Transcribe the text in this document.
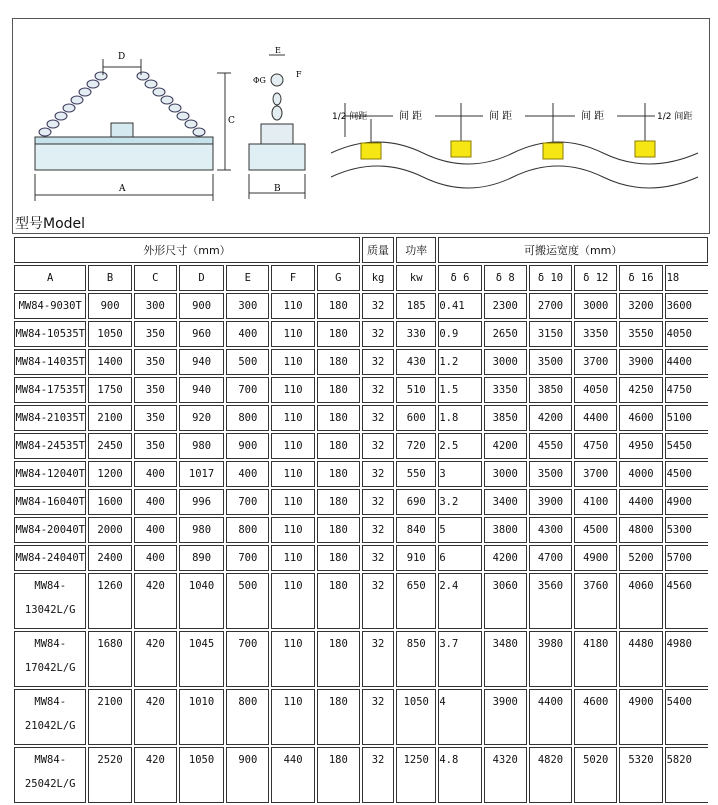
D
A
C
E
ΦG
F
B
1/2 间距	间 距	间 距	间 距	1/2 间距
型号Model
外形尺寸（mm）							质量	功率	可搬运宽度（mm）					
A	B	C	D	E	F	G	kg	kw	δ 6	δ 8	δ 10	δ 12	δ 16	18
MW84-9030T	900	300	900	300	110	180	32	185	0.41	2300	2700	3000	3200	3600
MW84-10535T	1050	350	960	400	110	180	32	330	0.9	2650	3150	3350	3550	4050
MW84-14035T	1400	350	940	500	110	180	32	430	1.2	3000	3500	3700	3900	4400
MW84-17535T	1750	350	940	700	110	180	32	510	1.5	3350	3850	4050	4250	4750
MW84-21035T	2100	350	920	800	110	180	32	600	1.8	3850	4200	4400	4600	5100
MW84-24535T	2450	350	980	900	110	180	32	720	2.5	4200	4550	4750	4950	5450
MW84-12040T	1200	400	1017	400	110	180	32	550	3	3000	3500	3700	4000	4500
MW84-16040T	1600	400	996	700	110	180	32	690	3.2	3400	3900	4100	4400	4900
MW84-20040T	2000	400	980	800	110	180	32	840	5	3800	4300	4500	4800	5300
MW84-24040T	2400	400	890	700	110	180	32	910	6	4200	4700	4900	5200	5700

MW84-
13042L/G	1260	420	1040	500	110	180	32	650	2.4	3060	3560	3760	4060	4560

MW84-
17042L/G	1680	420	1045	700	110	180	32	850	3.7	3480	3980	4180	4480	4980

MW84-
21042L/G	2100	420	1010	800	110	180	32	1050	4	3900	4400	4600	4900	5400

MW84-
25042L/G	2520	420	1050	900	440	180	32	1250	4.8	4320	4820	5020	5320	5820
